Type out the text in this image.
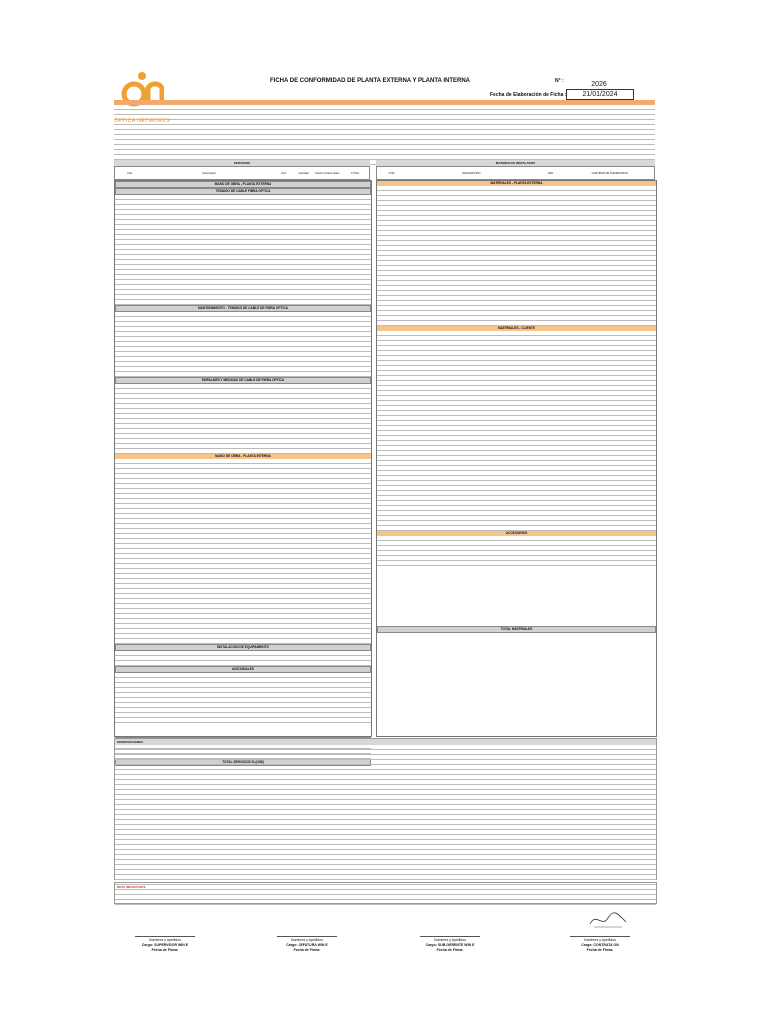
ÓPTICA NETWORKS
FICHA DE CONFORMIDAD DE PLANTA EXTERNA Y PLANTA INTERNA	N° :	2026
Fecha de Elaboración de Ficha :	21/01/2024
SERVICIOS
Cód.	Descripción	Und.	Cantidad	Precio Unitario Soles	TOTAL
MATERIALES INSTALADOS
COD.	DESCRIPCION	UND.	CANTIDAD DE SUMINISTROS
MANO DE OBRA - PLANTA EXTERNA
TENDIDO DE CABLE FIBRA OPTICA
MANTENIMIENTO - TENDIDO DE CABLE DE FIBRA OPTICA
EMPALMES Y MEDIDAS DE CABLE DE FIBRA OPTICA
MANO DE OBRA - PLANTA INTERNA
INSTALACION DE EQUIPAMIENTO
ADICIONALES
TOTAL SERVICIOS S/.(US$)
MATERIALES - PLANTA EXTERNA
MATERIALES - CLIENTE
ACCESORIOS
TOTAL MATERIALES
OBSERVACIONES
NOTA IMPORTANTE
Nombres y Apellidos
Cargo: SUPERVISOR WIN E
Fecha de Firma:
Nombres y Apellidos
Cargo: JEFATURA WIN E
Fecha de Firma:
Nombres y Apellidos
Cargo: SUB-GERENTE WIN E
Fecha de Firma:
Nombres y Apellidos
Cargo: CONTRATA ON
Fecha de Firma:
